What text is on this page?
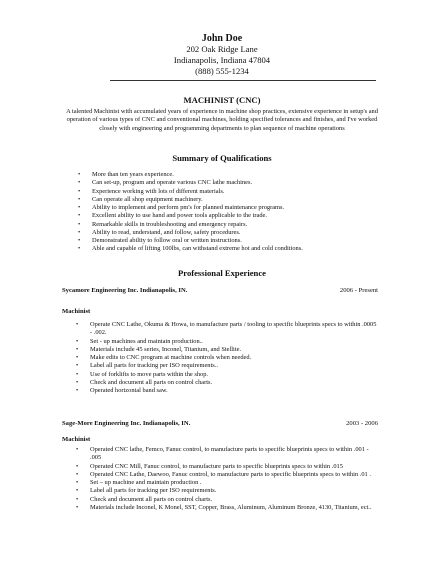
John Doe
202 Oak Ridge Lane
Indianapolis, Indiana 47804
(888) 555-1234
MACHINIST (CNC)
A talented Machinist with accumulated years of experience in machine shop practices, extensive experience in setup's and operation of various types of CNC and conventional machines, holding specified tolerances and finishes, and I've worked closely with engineering and programming departments to plan sequence of machine operations
Summary of Qualifications
• More than ten years experience.
• Can set-up, program and operate various CNC lathe machines.
• Experience working with lots of different materials.
• Can operate all shop equipment machinery.
• Ability to implement and perform pm's for planned maintenance programs.
• Excellent ability to use hand and power tools applicable to the trade.
• Remarkable skills in troubleshooting and emergency repairs.
• Ability to read, understand, and follow, safety procedures.
• Demonstrated ability to follow oral or written instructions.
• Able and capable of lifting 100lbs, can withstand extreme hot and cold conditions.
Professional Experience
Sycamore Engineering Inc. Indianapolis, IN.	2006 - Present
Machinist
• Operate CNC Lathe, Okuma & Howa, to manufacture parts / tooling to specific blueprints specs to within .0005 - .002.
• Set - up machines and maintain production..
• Materials include 45 series, Inconel, Titanium, and Stellite.
• Make edits to CNC program at machine controls when needed.
• Label all parts for tracking per ISO requirements..
• Use of forklifts to move parts within the shop.
• Check and document all parts on control charts.
• Operated horizontal band saw.
Sage-More Engineering Inc. Indianapolis, IN.	2003 - 2006
Machinist
• Operated CNC lathe, Femco, Fanuc control, to manufacture parts to specific blueprints specs to within .001 - .005
• Operated CNC Mill, Fanuc control, to manufacture parts to specific blueprints specs to within .015
• Operated CNC Lathe, Daewoo, Fanuc control, to manufacture parts to specific blueprints specs to within .01 .
• Set – up machine and maintain production .
• Label all parts for tracking per ISO requirements.
• Check and document all parts on control charts.
• Materials include Inconel, K Monel, SST, Copper, Brass, Aluminum, Aluminum Bronze, 4130, Titanium, ect..
